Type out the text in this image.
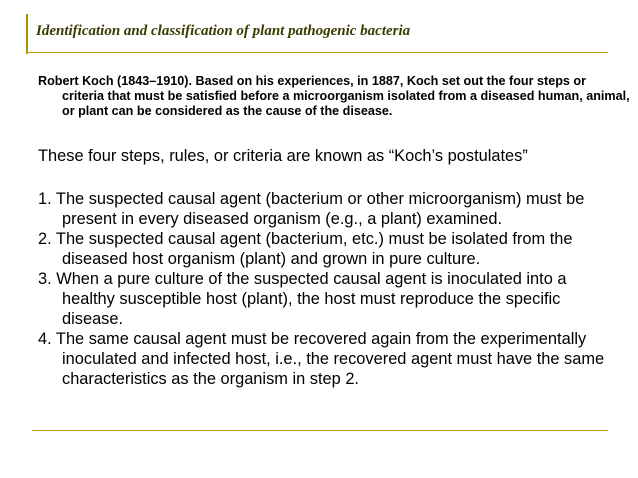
Identification and classification of plant pathogenic bacteria

Robert Koch (1843–1910). Based on his experiences, in 1887, Koch set out the four steps or criteria that must be satisfied before a microorganism isolated from a diseased human, animal, or plant can be considered as the cause of the disease.

These four steps, rules, or criteria are known as “Koch’s postulates”

1. The suspected causal agent (bacterium or other microorganism) must be present in every diseased organism (e.g., a plant) examined.
2. The suspected causal agent (bacterium, etc.) must be isolated from the diseased host organism (plant) and grown in pure culture.
3. When a pure culture of the suspected causal agent is inoculated into a healthy susceptible host (plant), the host must reproduce the specific disease.
4. The same causal agent must be recovered again from the experimentally inoculated and infected host, i.e., the recovered agent must have the same characteristics as the organism in step 2.
